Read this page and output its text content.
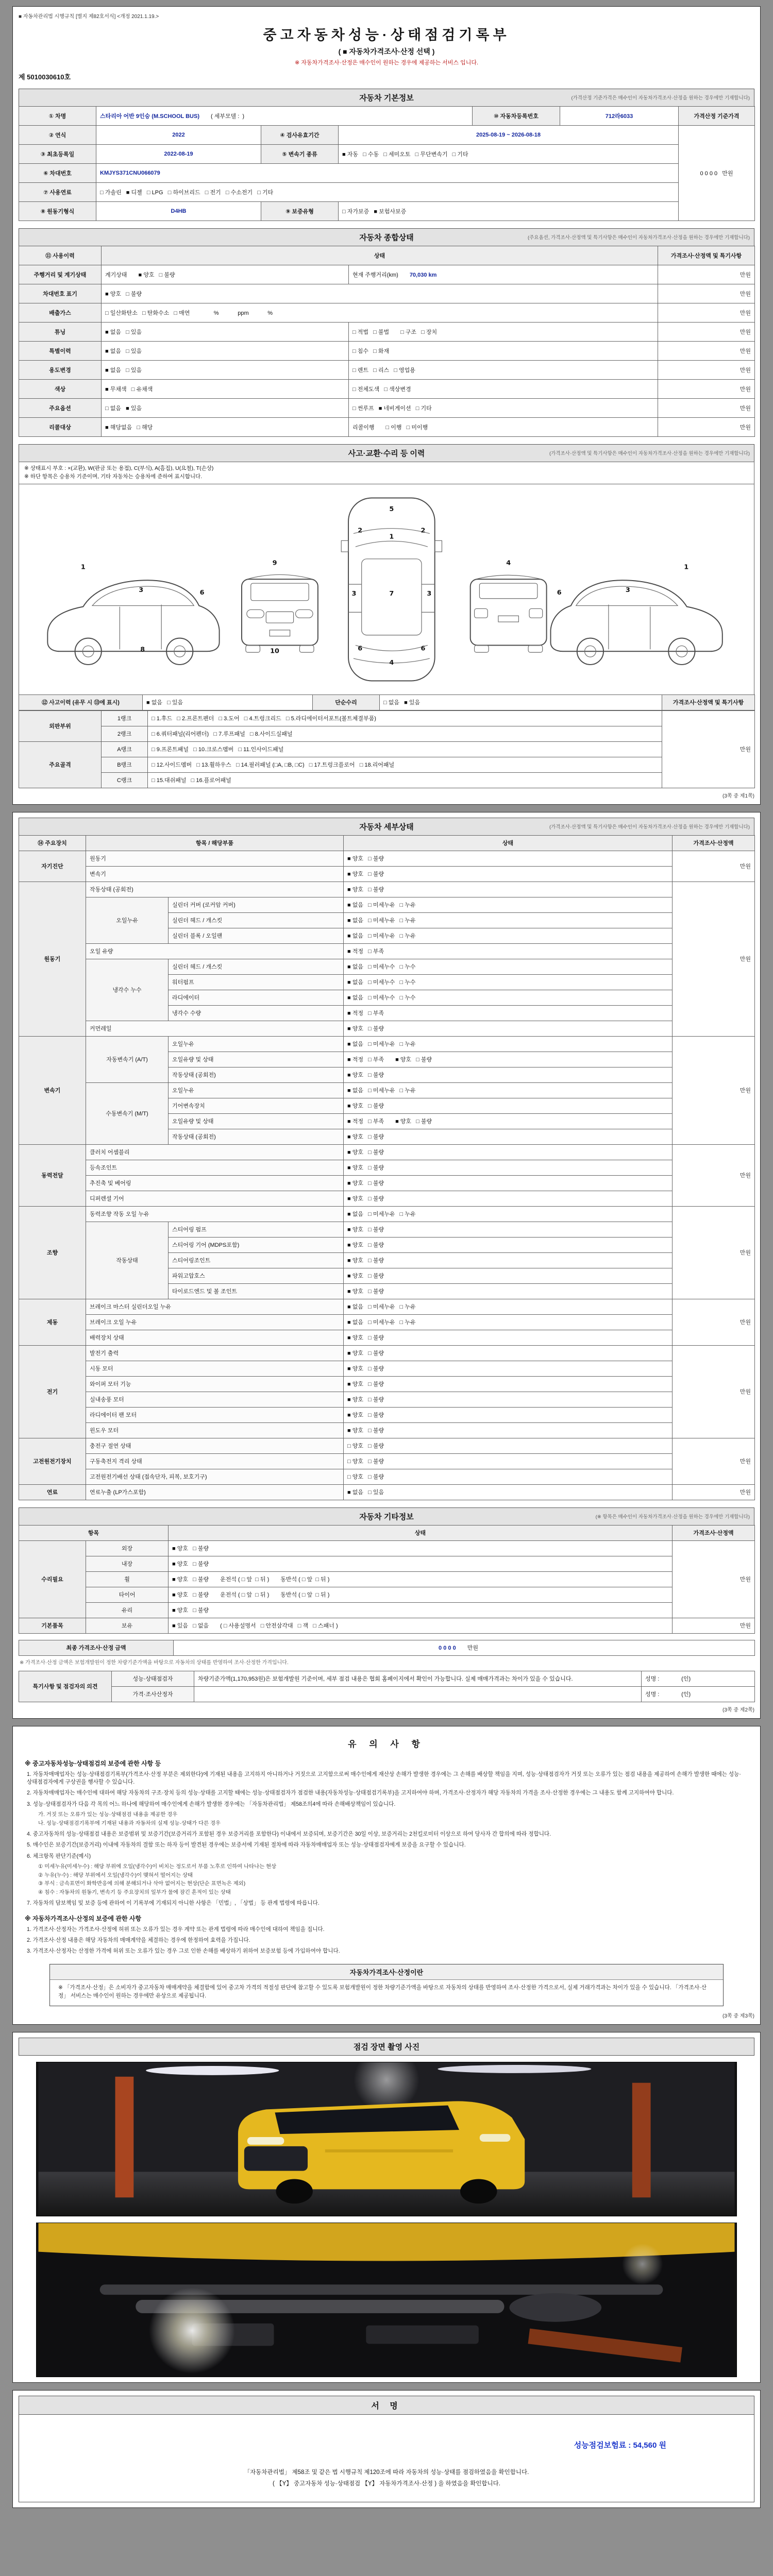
■ 자동차관리법 시행규칙 [별지 제82호서식] <개정 2021.1.19.>
중고자동차성능·상태점검기록부
( ■ 자동차가격조사·산정 선택 )
※ 자동차가격조사·산정은 매수인이 원하는 경우에 제공하는 서비스 입니다.
제 5010030610호
자동차 기본정보	(가격산정 기준가격은 매수인이 자동차가격조사·산정을 원하는 경우에만 기재합니다)
① 차명	스타리아 어반 9인승 (M.SCHOOL BUS) ( 세부모델 :  )			⑩ 자동차등록번호	712라6033	가격산정 기준가격
② 연식	2022	④ 검사유효기간	2025-08-19 ~ 2026-08-18			0 0 0 0   만원
③ 최초등록일	2022-08-19	⑤ 변속기 종류	■ 자동   □ 수동   □ 세미오토   □ 무단변속기   □ 기타			
⑥ 차대번호	KMJYS371CNU066079					
⑦ 사용연료	□ 가솔린   ■ 디젤   □ LPG   □ 하이브리드   □ 전기   □ 수소전기   □ 기타					
⑧ 원동기형식	D4HB	⑨ 보증유형	□ 자가보증   ■ 보험사보증			
자동차 종합상태	(주요옵션, 가격조사·산정액 및 특기사항은 매수인이 자동차가격조사·산정을 원하는 경우에만 기재합니다)
⑪ 사용이력	상태		가격조사·산정액 및 특기사항
주행거리 및 계기상태	계기상태 ■ 양호   □ 불량	현재 주행거리(km) 70,030 km	만원
차대번호 표기	■ 양호   □ 불량		만원
배출가스	□ 일산화탄소   □ 탄화수소   □ 매연        %            ppm            %		만원
튜닝	■ 없음   □ 있음	□ 적법   □ 불법 □ 구조   □ 장치	만원
특별이력	■ 없음   □ 있음	□ 침수   □ 화재	만원
용도변경	■ 없음   □ 있음	□ 렌트   □ 리스   □ 영업용	만원
색상	■ 무채색   □ 유채색	□ 전체도색   □ 색상변경	만원
주요옵션	□ 없음   ■ 있음	□ 썬루프   ■ 네비게이션   □ 기타	만원
리콜대상	■ 해당없음   □ 해당	리콜이행 □ 이행   □ 미이행	만원
사고·교환·수리 등 이력	(가격조사·산정액 및 특기사항은 매수인이 자동차가격조사·산정을 원하는 경우에만 기재합니다)
※ 상태표시 부호 : ×(교환), W(판금 또는 용접), C(부식), A(흠집), U(요철), T(손상)
※ 하단 항목은 승용차 기준이며, 기타 자동차는 승용차에 준하여 표시합니다.
1
3	6
8
9
10
5
1
2	2
7
3	3
6	6
4
4
6	3
1
⑫ 사고이력 (유무 시 ⑬에 표시)	■ 없음   □ 있음	단순수리	□ 없음   ■ 있음	가격조사·산정액 및 특기사항
외판부위	1랭크	□ 1.후드   □ 2.프론트펜더   □ 3.도어   □ 4.트렁크리드   □ 5.라디에이터서포트(볼트체결부품)	만원
	2랭크	□ 6.쿼터패널(리어펜더)   □ 7.루프패널   □ 8.사이드실패널	
주요골격	A랭크	□ 9.프론트패널   □ 10.크로스멤버   □ 11.인사이드패널	
	B랭크	□ 12.사이드멤버   □ 13.휠하우스   □ 14.필러패널 (□A, □B, □C)   □ 17.트렁크플로어   □ 18.리어패널	
	C랭크	□ 15.대쉬패널   □ 16.플로어패널	
(3쪽 중 제1쪽)
자동차 세부상태	(가격조사·산정액 및 특기사항은 매수인이 자동차가격조사·산정을 원하는 경우에만 기재합니다)
⑭ 주요장치	항목 / 해당부품		상태	가격조사·산정액
자기진단	원동기		■ 양호   □ 불량	만원
	변속기		■ 양호   □ 불량	
원동기	작동상태 (공회전)		■ 양호   □ 불량	만원
	오일누유	실린더 커버 (로커암 커버)	■ 없음   □ 미세누유   □ 누유	
		실린더 헤드 / 개스킷	■ 없음   □ 미세누유   □ 누유	
		실린더 블록 / 오일팬	■ 없음   □ 미세누유   □ 누유	
	오일 유량		■ 적정   □ 부족	
	냉각수 누수	실린더 헤드 / 개스킷	■ 없음   □ 미세누수   □ 누수	
		워터펌프	■ 없음   □ 미세누수   □ 누수	
		라디에이터	■ 없음   □ 미세누수   □ 누수	
		냉각수 수량	■ 적정   □ 부족	
	커먼레일		■ 양호   □ 불량	
변속기	자동변속기 (A/T)	오일누유	■ 없음   □ 미세누유   □ 누유	만원
		오일유량 및 상태	■ 적정   □ 부족 ■ 양호   □ 불량	
		작동상태 (공회전)	■ 양호   □ 불량	
	수동변속기 (M/T)	오일누유	■ 없음   □ 미세누유   □ 누유	
		기어변속장치	■ 양호   □ 불량	
		오일유량 및 상태	■ 적정   □ 부족 ■ 양호   □ 불량	
		작동상태 (공회전)	■ 양호   □ 불량	
동력전달	클러치 어셈블리		■ 양호   □ 불량	만원
	등속조인트		■ 양호   □ 불량	
	추진축 및 베어링		■ 양호   □ 불량	
	디퍼렌셜 기어		■ 양호   □ 불량	
조향	동력조향 작동 오일 누유		■ 없음   □ 미세누유   □ 누유	만원
	작동상태	스티어링 펌프	■ 양호   □ 불량	
		스티어링 기어 (MDPS포함)	■ 양호   □ 불량	
		스티어링조인트	■ 양호   □ 불량	
		파워고압호스	■ 양호   □ 불량	
		타이로드엔드 및 볼 조인트	■ 양호   □ 불량	
제동	브레이크 마스터 실린더오일 누유		■ 없음   □ 미세누유   □ 누유	만원
	브레이크 오일 누유		■ 없음   □ 미세누유   □ 누유	
	배력장치 상태		■ 양호   □ 불량	
전기	발전기 출력		■ 양호   □ 불량	만원
	시동 모터		■ 양호   □ 불량	
	와이퍼 모터 기능		■ 양호   □ 불량	
	실내송풍 모터		■ 양호   □ 불량	
	라디에이터 팬 모터		■ 양호   □ 불량	
	윈도우 모터		■ 양호   □ 불량	
고전원전기장치	충전구 절연 상태		□ 양호   □ 불량	만원
	구동축전지 격리 상태		□ 양호   □ 불량	
	고전원전기배선 상태 (접속단자, 피복, 보호기구)		□ 양호   □ 불량	
연료	연료누출 (LP가스포함)		■ 없음   □ 있음	만원
자동차 기타정보	(※ 항목은 매수인이 자동차가격조사·산정을 원하는 경우에만 기재합니다)
항목		상태	가격조사·산정액
수리필요	외장	■ 양호   □ 불량	만원
	내장	■ 양호   □ 불량	
	휠	■ 양호   □ 불량 운전석 ( □ 앞  □ 뒤 ) 동반석 ( □ 앞  □ 뒤 )	
	타이어	■ 양호   □ 불량 운전석 ( □ 앞  □ 뒤 ) 동반석 ( □ 앞  □ 뒤 )	
	유리	■ 양호   □ 불량	
기본품목	보유	■ 있음   □ 없음 ( □ 사용설명서   □ 안전삼각대   □ 잭   □ 스패너 )	만원
최종 가격조사·산정 금액	0 0 0 0 만원
※ 가격조사·산정 금액은 보험개발원이 정한 차량기준가액을 바탕으로 자동차의 상태를 반영하여 조사·산정한 가격입니다.
특기사항 및 점검자의 의견	성능·상태점검자	차량기준가액(1,170,953원)은 보험개발원 기준이며, 세부 점검 내용은 협회 홈페이지에서 확인이 가능합니다. 실제 매매가격과는 차이가 있을 수 있습니다.	성명 :              (인)
	가격·조사산정자		성명 :              (인)
(3쪽 중 제2쪽)
유 의 사 항
※ 중고자동차성능·상태점검의 보증에 관한 사항 등
1. 자동차매매업자는 성능·상태점검기록부(가격조사·산정 부분은 제외한다)에 기재된 내용을 고지하지 아니하거나 거짓으로 고지함으로써 매수인에게 재산상 손해가 발생한 경우에는 그 손해를 배상할 책임을 지며, 성능·상태점검자가 거짓 또는 오류가 있는 점검 내용을 제공하여 손해가 발생한 때에는 성능·상태점검자에게 구상권을 행사할 수 있습니다.
2. 자동차매매업자는 매수인에 대하여 해당 자동차의 구조·장치 등의 성능·상태를 고지할 때에는 성능·상태점검자가 점검한 내용(자동차성능·상태점검기록부)을 고지하여야 하며, 가격조사·산정자가 해당 자동차의 가격을 조사·산정한 경우에는 그 내용도 함께 고지하여야 합니다.
3. 성능·상태점검자가 다음 각 목의 어느 하나에 해당하여 매수인에게 손해가 발생한 경우에는 「자동차관리법」 제58조의4에 따라 손해배상책임이 있습니다.
가. 거짓 또는 오류가 있는 성능·상태점검 내용을 제공한 경우
나. 성능·상태점검기록부에 기재된 내용과 자동차의 실제 성능·상태가 다른 경우
4. 중고자동차의 성능·상태점검 내용은 보증범위 및 보증기간(보증거리가 포함된 경우 보증거리를 포함한다) 이내에서 보증되며, 보증기간은 30일 이상, 보증거리는 2천킬로미터 이상으로 하여 당사자 간 합의에 따라 정합니다.
5. 매수인은 보증기간(보증거리) 이내에 자동차의 결함 또는 하자 등이 발견된 경우에는 보증서에 기재된 절차에 따라 자동차매매업자 또는 성능·상태점검자에게 보증을 요구할 수 있습니다.
6. 체크항목 판단기준(예시)
① 미세누유(미세누수) : 해당 부위에 오일(냉각수)이 비치는 정도로서 부품 노후로 인하여 나타나는 현상
② 누유(누수) : 해당 부위에서 오일(냉각수)이 맺혀서 떨어지는 상태
③ 부식 : 금속표면이 화학반응에 의해 분해되거나 삭아 없어지는 현상(단순 표면녹은 제외)
④ 침수 : 자동차의 원동기, 변속기 등 주요장치의 일부가 물에 잠긴 흔적이 있는 상태
7. 자동차의 담보책임 및 보증 등에 관하여 이 기록부에 기재되지 아니한 사항은 「민법」, 「상법」 등 관계 법령에 따릅니다.
※ 자동차가격조사·산정의 보증에 관한 사항
1. 가격조사·산정자는 가격조사·산정에 허위 또는 오류가 있는 경우 계약 또는 관계 법령에 따라 매수인에 대하여 책임을 집니다.
2. 가격조사·산정 내용은 해당 자동차의 매매계약을 체결하는 경우에 한정하여 효력을 가집니다.
3. 가격조사·산정자는 산정한 가격에 허위 또는 오류가 있는 경우 그로 인한 손해를 배상하기 위하여 보증보험 등에 가입하여야 합니다.
자동차가격조사·산정이란
※ 「가격조사·산정」은 소비자가 중고자동차 매매계약을 체결함에 있어 중고차 가격의 적절성 판단에 참고할 수 있도록 보험개발원이 정한 차량기준가액을 바탕으로 자동차의 상태를 반영하여 조사·산정한 가격으로서, 실제 거래가격과는 차이가 있을 수 있습니다. 「가격조사·산정」 서비스는 매수인이 원하는 경우에만 유상으로 제공됩니다.
(3쪽 중 제3쪽)
점검 장면 촬영 사진
서 명
성능점검보험료 : 54,560 원
「자동차관리법」 제58조 및 같은 법 시행규칙 제120조에 따라 자동차의 성능·상태를 점검하였음을 확인합니다.
( 【Y】 중고자동차 성능·상태점검 【Y】 자동차가격조사·산정 ) 을 하였음을 확인합니다.
